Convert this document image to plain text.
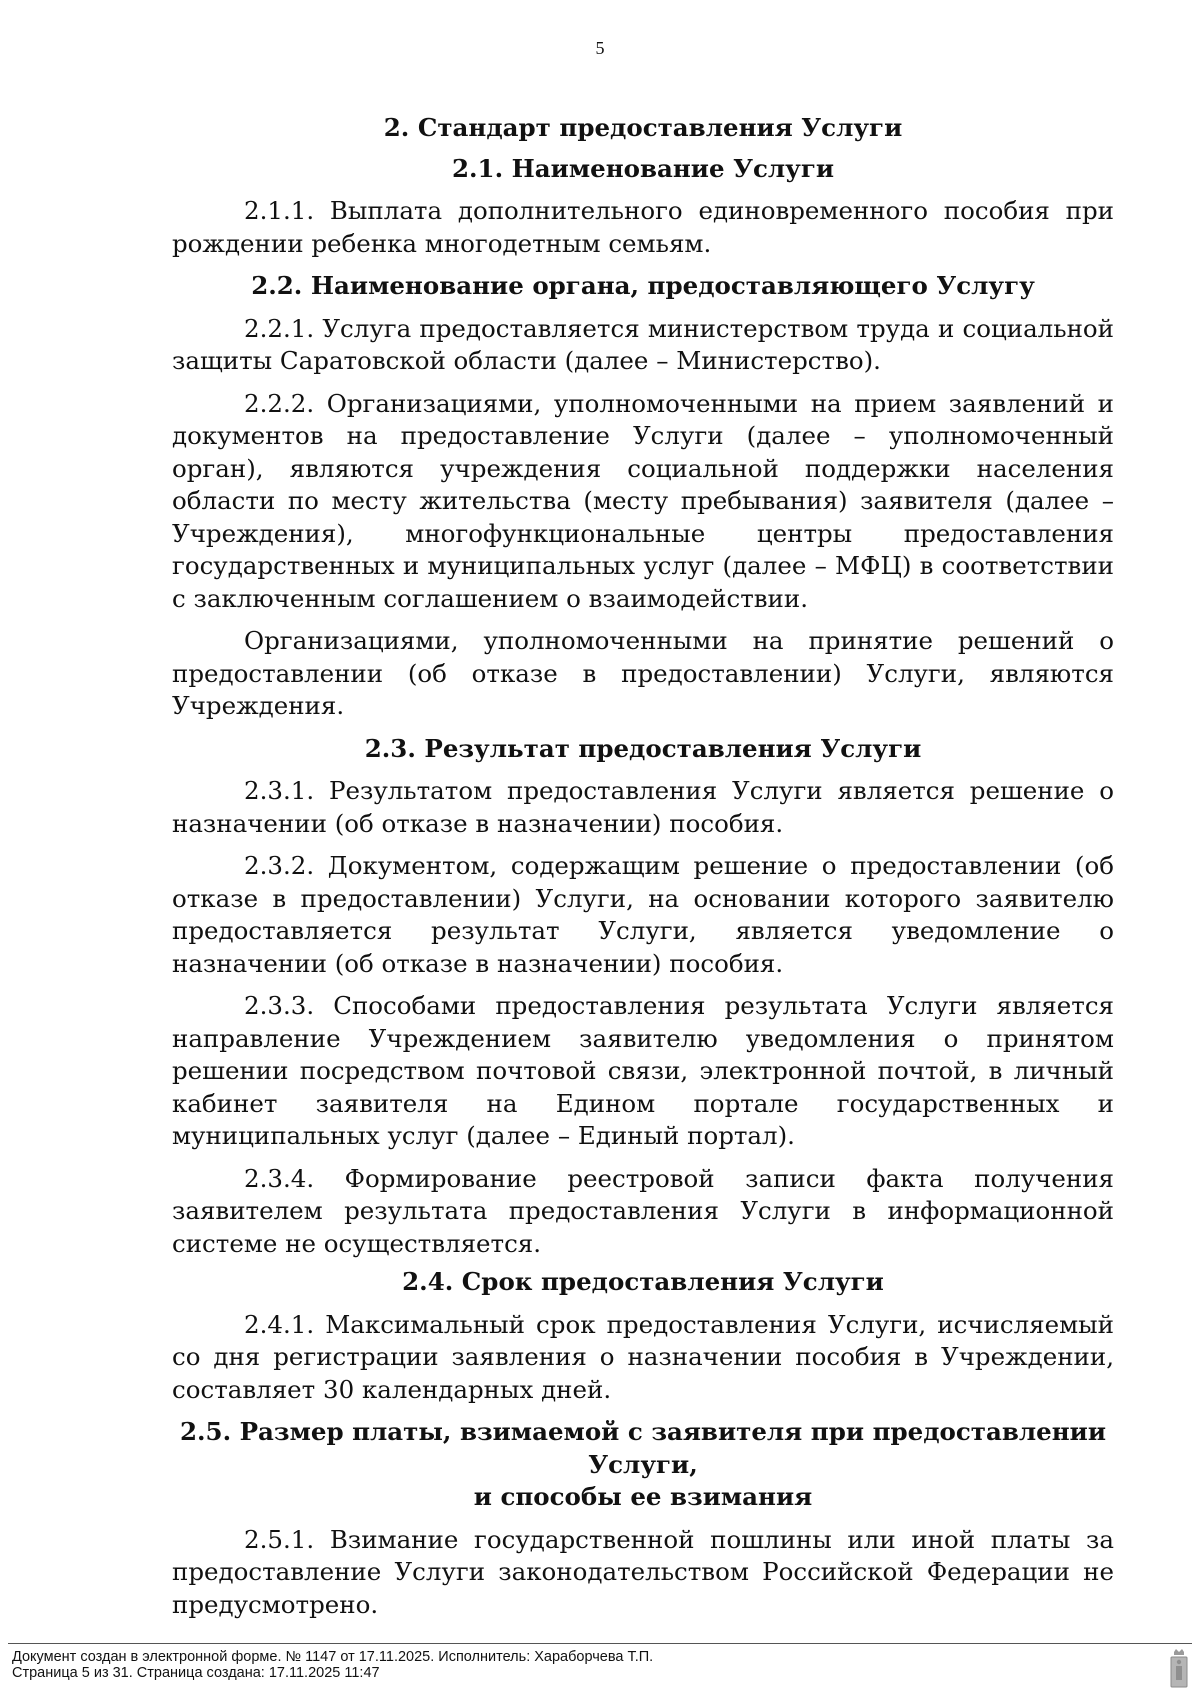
5

2. Стандарт предоставления Услуги

2.1. Наименование Услуги

2.1.1. Выплата дополнительного единовременного пособия при рождении ребенка многодетным семьям.

2.2. Наименование органа, предоставляющего Услугу

2.2.1. Услуга предоставляется министерством труда и социальной защиты Саратовской области (далее – Министерство).

2.2.2. Организациями, уполномоченными на прием заявлений и документов на предоставление Услуги (далее – уполномоченный орган), являются учреждения социальной поддержки населения области по месту жительства (месту пребывания) заявителя (далее – Учреждения), многофункциональные центры предоставления государственных и муниципальных услуг (далее – МФЦ) в соответствии с заключенным соглашением о взаимодействии.

Организациями, уполномоченными на принятие решений о предоставлении (об отказе в предоставлении) Услуги, являются Учреждения.

2.3. Результат предоставления Услуги

2.3.1. Результатом предоставления Услуги является решение о назначении (об отказе в назначении) пособия.

2.3.2. Документом, содержащим решение о предоставлении (об отказе в предоставлении) Услуги, на основании которого заявителю предоставляется результат Услуги, является уведомление о назначении (об отказе в назначении) пособия.

2.3.3. Способами предоставления результата Услуги является направление Учреждением заявителю уведомления о принятом решении посредством почтовой связи, электронной почтой, в личный кабинет заявителя на Едином портале государственных и муниципальных услуг (далее – Единый портал).

2.3.4. Формирование реестровой записи факта получения заявителем результата предоставления Услуги в информационной системе не осуществляется.

2.4. Срок предоставления Услуги

2.4.1. Максимальный срок предоставления Услуги, исчисляемый со дня регистрации заявления о назначении пособия в Учреждении, составляет 30 календарных дней.

2.5. Размер платы, взимаемой с заявителя при предоставлении Услуги,

и способы ее взимания

2.5.1. Взимание государственной пошлины или иной платы за предоставление Услуги законодательством Российской Федерации не предусмотрено.

Документ создан в электронной форме. № 1147 от 17.11.2025. Исполнитель: Хараборчева Т.П.
Страница 5 из 31. Страница создана: 17.11.2025 11:47
